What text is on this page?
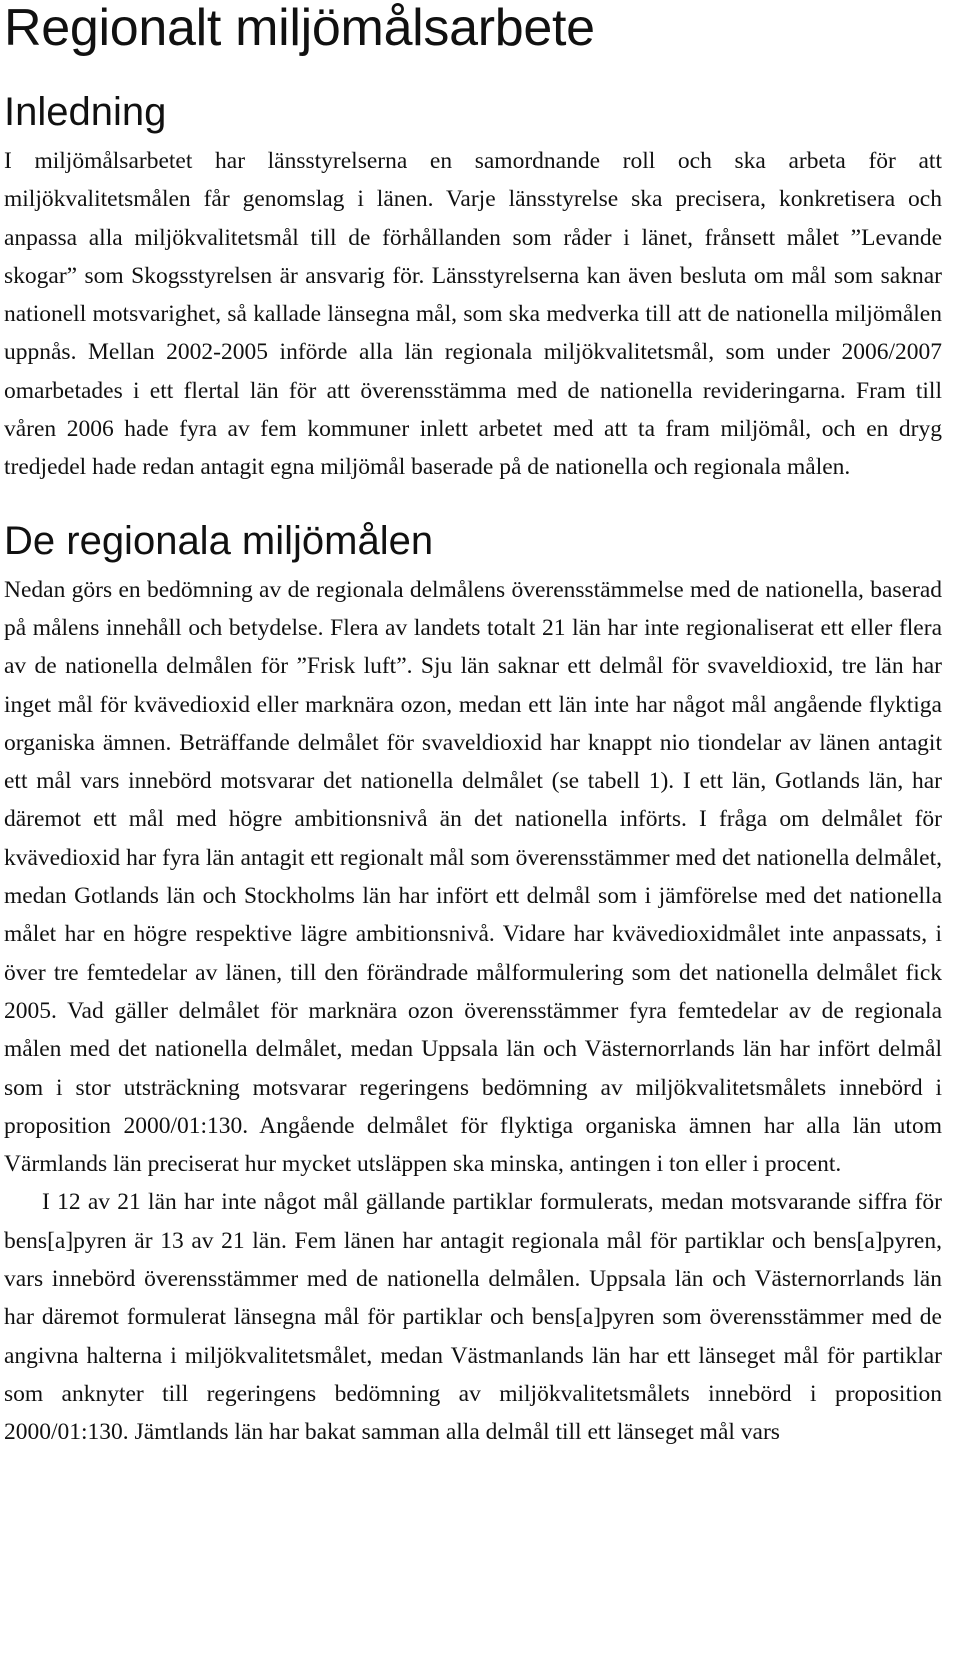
Regionalt miljömålsarbete
Inledning

I miljömålsarbetet har länsstyrelserna en samordnande roll och ska arbeta för att miljökvalitetsmålen får genomslag i länen. Varje länsstyrelse ska precisera, konkretisera och anpassa alla miljökvalitetsmål till de förhållanden som råder i länet, frånsett målet ”Levande skogar” som Skogsstyrelsen är ansvarig för. Länsstyrelserna kan även besluta om mål som saknar nationell motsvarighet, så kallade länsegna mål, som ska medverka till att de nationella miljömålen uppnås. Mellan 2002-2005 införde alla län regionala miljökvalitetsmål, som under 2006/2007 omarbetades i ett flertal län för att överensstämma med de nationella revideringarna. Fram till våren 2006 hade fyra av fem kommuner inlett arbetet med att ta fram miljömål, och en dryg tredjedel hade redan antagit egna miljömål baserade på de nationella och regionala målen.

De regionala miljömålen

Nedan görs en bedömning av de regionala delmålens överensstämmelse med de nationella, baserad på målens innehåll och betydelse. Flera av landets totalt 21 län har inte regionaliserat ett eller flera av de nationella delmålen för ”Frisk luft”. Sju län saknar ett delmål för svaveldioxid, tre län har inget mål för kvävedioxid eller marknära ozon, medan ett län inte har något mål angående flyktiga organiska ämnen. Beträffande delmålet för svaveldioxid har knappt nio tiondelar av länen antagit ett mål vars innebörd motsvarar det nationella delmålet (se tabell 1). I ett län, Gotlands län, har däremot ett mål med högre ambitionsnivå än det nationella införts. I fråga om delmålet för kvävedioxid har fyra län antagit ett regionalt mål som överensstämmer med det nationella delmålet, medan Gotlands län och Stockholms län har infört ett delmål som i jämförelse med det nationella målet har en högre respektive lägre ambitionsnivå. Vidare har kvävedioxidmålet inte anpassats, i över tre femtedelar av länen, till den förändrade målformulering som det nationella delmålet fick 2005. Vad gäller delmålet för marknära ozon överensstämmer fyra femtedelar av de regionala målen med det nationella delmålet, medan Uppsala län och Västernorrlands län har infört delmål som i stor utsträckning motsvarar regeringens bedömning av miljökvalitetsmålets innebörd i proposition 2000/01:130. Angående delmålet för flyktiga organiska ämnen har alla län utom Värmlands län preciserat hur mycket utsläppen ska minska, antingen i ton eller i procent.

I 12 av 21 län har inte något mål gällande partiklar formulerats, medan motsvarande siffra för bens[a]pyren är 13 av 21 län. Fem länen har antagit regionala mål för partiklar och bens[a]pyren, vars innebörd överensstämmer med de nationella delmålen. Uppsala län och Västernorrlands län har däremot formulerat länsegna mål för partiklar och bens[a]pyren som överensstämmer med de angivna halterna i miljökvalitetsmålet, medan Västmanlands län har ett länseget mål för partiklar som anknyter till regeringens bedömning av miljökvalitetsmålets innebörd i proposition 2000/01:130. Jämtlands län har bakat samman alla delmål till ett länseget mål vars
